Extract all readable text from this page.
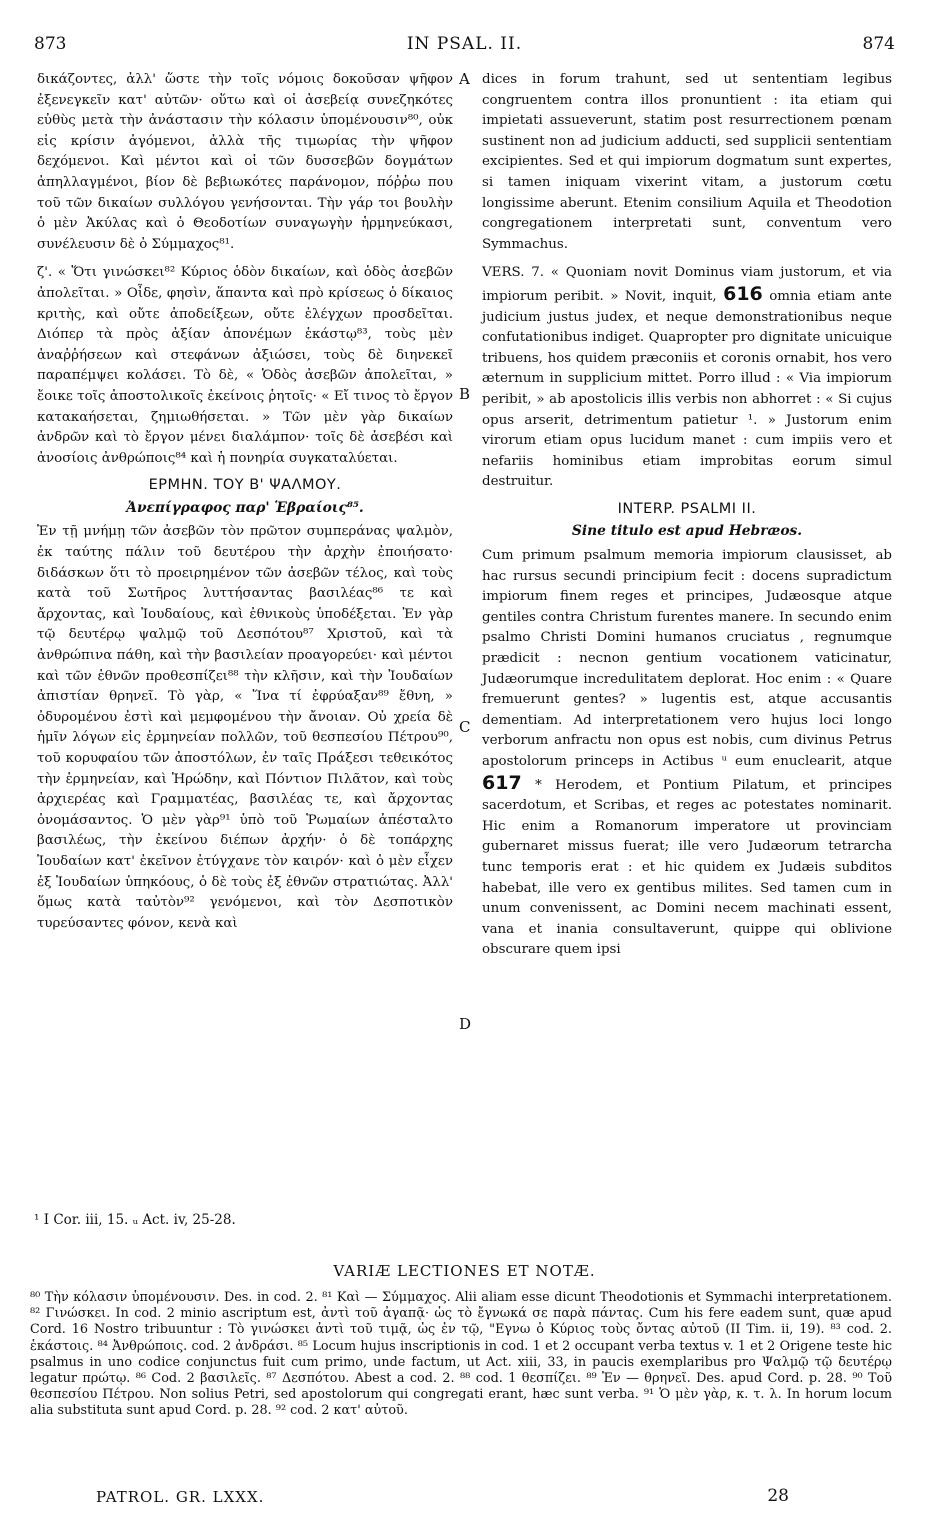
873	IN PSAL. II.	874

δικάζοντες, ἀλλ' ὥστε τὴν τοῖς νόμοις δοκοῦσαν ψῆφον ἐξενεγκεῖν κατ' αὐτῶν· οὕτω καὶ οἱ ἀσεβείᾳ συνεζηκότες εὐθὺς μετὰ τὴν ἀνάστασιν τὴν κόλασιν ὑπομένουσιν⁸⁰, οὐκ εἰς κρίσιν ἀγόμενοι, ἀλλὰ τῆς τιμωρίας τὴν ψῆφον δεχόμενοι. Καὶ μέντοι καὶ οἱ τῶν δυσσεβῶν δογμάτων ἀπηλλαγμένοι, βίον δὲ βεβιωκότες παράνομον, πόῤῥω που τοῦ τῶν δικαίων συλλόγου γενήσονται. Τὴν γάρ τοι βουλὴν ὁ μὲν Ἀκύλας καὶ ὁ Θεοδοτίων συναγωγὴν ἡρμηνεύκασι, συνέλευσιν δὲ ὁ Σύμμαχος⁸¹.

ζ'. « Ὅτι γινώσκει⁸² Κύριος ὁδὸν δικαίων, καὶ ὁδὸς ἀσεβῶν ἀπολεῖται. » Οἶδε, φησὶν, ἅπαντα καὶ πρὸ κρίσεως ὁ δίκαιος κριτὴς, καὶ οὔτε ἀποδείξεων, οὔτε ἐλέγχων προσδεῖται. Διόπερ τὰ πρὸς ἀξίαν ἀπονέμων ἑκάστῳ⁸³, τοὺς μὲν ἀναῤῥήσεων καὶ στεφάνων ἀξιώσει, τοὺς δὲ διηνεκεῖ παραπέμψει κολάσει. Τὸ δὲ, « Ὁδὸς ἀσεβῶν ἀπολεῖται, » ἔοικε τοῖς ἀποστολικοῖς ἐκείνοις ῥητοῖς· « Εἴ τινος τὸ ἔργον κατακαήσεται, ζημιωθήσεται. » Τῶν μὲν γὰρ δικαίων ἀνδρῶν καὶ τὸ ἔργον μένει διαλάμπον· τοῖς δὲ ἀσεβέσι καὶ ἀνοσίοις ἀνθρώποις⁸⁴ καὶ ἡ πονηρία συγκαταλύεται.

ΕΡΜΗΝ. ΤΟΥ Β' ΨΑΛΜΟΥ.
Ἀνεπίγραφος παρ' Ἑβραίοις⁸⁵.

Ἐν τῇ μνήμῃ τῶν ἀσεβῶν τὸν πρῶτον συμπεράνας ψαλμὸν, ἐκ ταύτης πάλιν τοῦ δευτέρου τὴν ἀρχὴν ἐποιήσατο· διδάσκων ὅτι τὸ προειρημένον τῶν ἀσεβῶν τέλος, καὶ τοὺς κατὰ τοῦ Σωτῆρος λυττήσαντας βασιλέας⁸⁶ τε καὶ ἄρχοντας, καὶ Ἰουδαίους, καὶ ἐθνικοὺς ὑποδέξεται. Ἐν γὰρ τῷ δευτέρῳ ψαλμῷ τοῦ Δεσπότου⁸⁷ Χριστοῦ, καὶ τὰ ἀνθρώπινα πάθη, καὶ τὴν βασιλείαν προαγορεύει· καὶ μέντοι καὶ τῶν ἐθνῶν προθεσπίζει⁸⁸ τὴν κλῆσιν, καὶ τὴν Ἰουδαίων ἀπιστίαν θρηνεῖ. Τὸ γὰρ, « Ἵνα τί ἐφρύαξαν⁸⁹ ἔθνη, » ὀδυρομένου ἐστὶ καὶ μεμφομένου τὴν ἄνοιαν. Οὐ χρεία δὲ ἡμῖν λόγων εἰς ἑρμηνείαν πολλῶν, τοῦ θεσπεσίου Πέτρου⁹⁰, τοῦ κορυφαίου τῶν ἀποστόλων, ἐν ταῖς Πράξεσι τεθεικότος τὴν ἑρμηνείαν, καὶ Ἡρώδην, καὶ Πόντιον Πιλᾶτον, καὶ τοὺς ἀρχιερέας καὶ Γραμματέας, βασιλέας τε, καὶ ἄρχοντας ὀνομάσαντος. Ὁ μὲν γὰρ⁹¹ ὑπὸ τοῦ Ῥωμαίων ἀπέσταλτο βασιλέως, τὴν ἐκείνου διέπων ἀρχήν· ὁ δὲ τοπάρχης Ἰουδαίων κατ' ἐκεῖνον ἐτύγχανε τὸν καιρόν· καὶ ὁ μὲν εἶχεν ἐξ Ἰουδαίων ὑπηκόους, ὁ δὲ τοὺς ἐξ ἐθνῶν στρατιώτας. Ἀλλ' ὅμως κατὰ ταὐτὸν⁹² γενόμενοι, καὶ τὸν Δεσποτικὸν τυρεύσαντες φόνον, κενὰ καὶ

A
B
C
D

dices in forum trahunt, sed ut sententiam legibus congruentem contra illos pronuntient : ita etiam qui impietati assueverunt, statim post resurrectionem pœnam sustinent non ad judicium adducti, sed supplicii sententiam excipientes. Sed et qui impiorum dogmatum sunt expertes, si tamen iniquam vixerint vitam, a justorum cœtu longissime aberunt. Etenim consilium Aquila et Theodotion congregationem interpretati sunt, conventum vero Symmachus.

VERS. 7. « Quoniam novit Dominus viam justorum, et via impiorum peribit. » Novit, inquit, 616 omnia etiam ante judicium justus judex, et neque demonstrationibus neque confutationibus indiget. Quapropter pro dignitate unicuique tribuens, hos quidem præconiis et coronis ornabit, hos vero æternum in supplicium mittet. Porro illud : « Via impiorum peribit, » ab apostolicis illis verbis non abhorret : « Si cujus opus arserit, detrimentum patietur ¹. » Justorum enim virorum etiam opus lucidum manet : cum impiis vero et nefariis hominibus etiam improbitas eorum simul destruitur.

INTERP. PSALMI II.
Sine titulo est apud Hebræos.

Cum primum psalmum memoria impiorum clausisset, ab hac rursus secundi principium fecit : docens supradictum impiorum finem reges et principes, Judæosque atque gentiles contra Christum furentes manere. In secundo enim psalmo Christi Domini humanos cruciatus , regnumque prædicit : necnon gentium vocationem vaticinatur, Judæorumque incredulitatem deplorat. Hoc enim : « Quare fremuerunt gentes? » lugentis est, atque accusantis dementiam. Ad interpretationem vero hujus loci longo verborum anfractu non opus est nobis, cum divinus Petrus apostolorum princeps in Actibus ᵘ eum enuclearit, atque 617 * Herodem, et Pontium Pilatum, et principes sacerdotum, et Scribas, et reges ac potestates nominarit. Hic enim a Romanorum imperatore ut provinciam gubernaret missus fuerat; ille vero Judæorum tetrarcha tunc temporis erat : et hic quidem ex Judæis subditos habebat, ille vero ex gentibus milites. Sed tamen cum in unum convenissent, ac Domini necem machinati essent, vana et inania consultaverunt, quippe qui oblivione obscurare quem ipsi

¹ I Cor. iii, 15. ᵤ Act. iv, 25-28.
VARIÆ LECTIONES ET NOTÆ.
⁸⁰ Τὴν κόλασιν ὑπομένουσιν. Des. in cod. 2. ⁸¹ Καὶ — Σύμμαχος. Alii aliam esse dicunt Theodotionis et Symmachi interpretationem. ⁸² Γινώσκει. In cod. 2 minio ascriptum est, ἀντὶ τοῦ ἀγαπᾷ· ὡς τὸ ἔγνωκά σε παρὰ πάντας. Cum his fere eadem sunt, quæ apud Cord. 16 Nostro tribuuntur : Τὸ γινώσκει ἀντὶ τοῦ τιμᾷ, ὡς ἐν τῷ, "Εγνω ὁ Κύριος τοὺς ὄντας αὐτοῦ (II Tim. ii, 19). ⁸³ cod. 2. ἑκάστοις. ⁸⁴ Ἀνθρώποις. cod. 2 ἀνδράσι. ⁸⁵ Locum hujus inscriptionis in cod. 1 et 2 occupant verba textus v. 1 et 2 Origene teste hic psalmus in uno codice conjunctus fuit cum primo, unde factum, ut Act. xiii, 33, in paucis exemplaribus pro Ψαλμῷ τῷ δευτέρῳ legatur πρώτῳ. ⁸⁶ Cod. 2 βασιλεῖς. ⁸⁷ Δεσπότου. Abest a cod. 2. ⁸⁸ cod. 1 θεσπίζει. ⁸⁹ Ἐν — θρηνεῖ. Des. apud Cord. p. 28. ⁹⁰ Τοῦ θεσπεσίου Πέτρου. Non solius Petri, sed apostolorum qui congregati erant, hæc sunt verba. ⁹¹ Ὁ μὲν γὰρ, κ. τ. λ. In horum locum alia substituta sunt apud Cord. p. 28. ⁹² cod. 2 κατ' αὐτοῦ.
PATROL. GR. LXXX.	28
